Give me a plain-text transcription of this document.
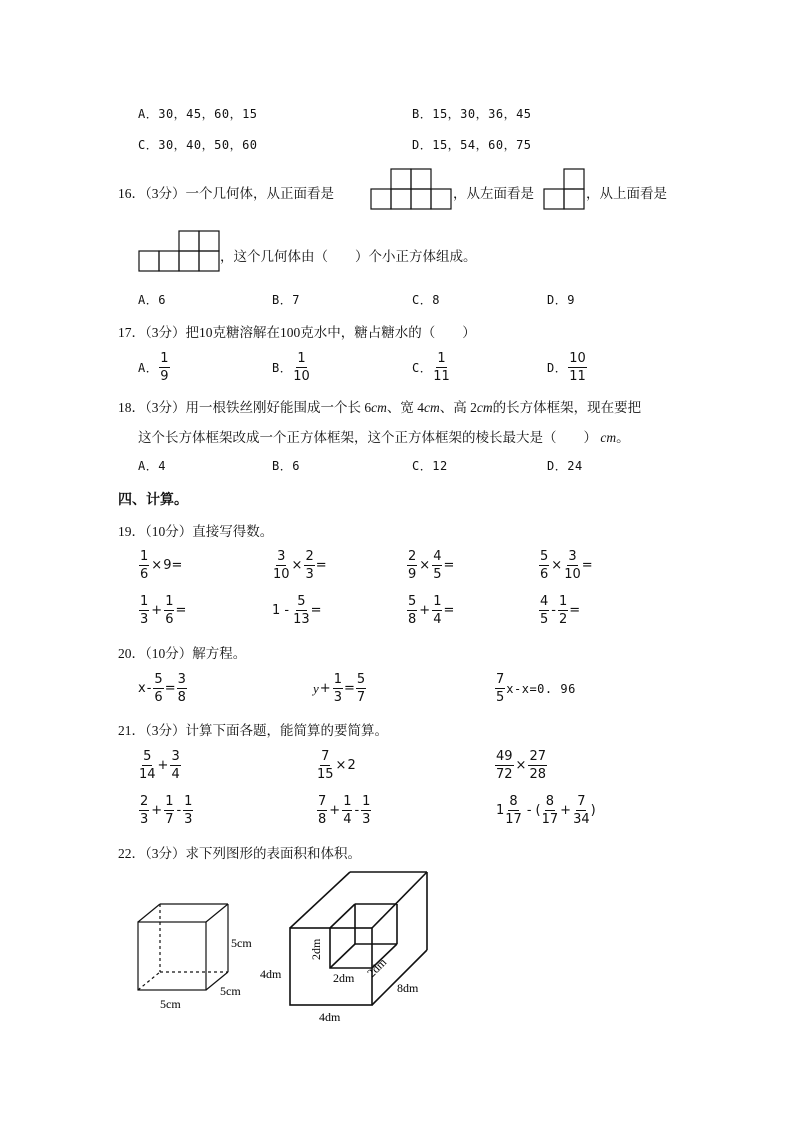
A．30，45，60，15	B．15，30，36，45
C．30，40，50，60	D．15，54，60，75
16．（3分）一个几何体，从正面看是	，从左面看是	，从上面看是
，这个几何体由（　　）个小正方体组成。
A．6	B．7	C．8	D．9
17．（3分）把10克糖溶解在100克水中，糖占糖水的（　　）
A． $\frac{1}{9}$	B． $\frac{1}{10}$	C． $\frac{1}{11}$	D． $\frac{10}{11}$
18．（3分）用一根铁丝刚好能围成一个长 6cm、宽 4cm、高 2cm的长方体框架，现在要把
这个长方体框架改成一个正方体框架，这个正方体框架的棱长最大是（　　） cm。
A．4	B．6	C．12	D．24
四、计算。
19．（10分）直接写得数。
$\frac{1}{6} \times 9=$	$\frac{3}{10} \times \frac{2}{3}$ =	$\frac{2}{9} \times \frac{4}{5}$ =	$\frac{5}{6} \times \frac{3}{10}$ =
$\frac{1}{3} + \frac{1}{6}$ =	$1 - \frac{5}{13}$ =	$\frac{5}{8} + \frac{1}{4}$ =	$\frac{4}{5} - \frac{1}{2}$ =
20．（10分）解方程。
$x - \frac{5}{6} = \frac{3}{8}$	$y + \frac{1}{3} = \frac{5}{7}$	$\frac{7}{5} x-x=0$. 96
21．（3分）计算下面各题，能简算的要简算。
$\frac{5}{14} + \frac{3}{4}$	$\frac{7}{15} \times 2$	$\frac{49}{72} \times \frac{27}{28}$
$\frac{2}{3} + \frac{1}{7} - \frac{1}{3}$	$\frac{7}{8} + \frac{1}{4} - \frac{1}{3}$	$1 \frac{8}{17}$ - ( $\frac{8}{17} + \frac{7}{34}$ )
22．（3分）求下列图形的表面积和体积。
5cm
5cm
5cm
2dm
2dm 2dm
4dm
8dm
4dm
